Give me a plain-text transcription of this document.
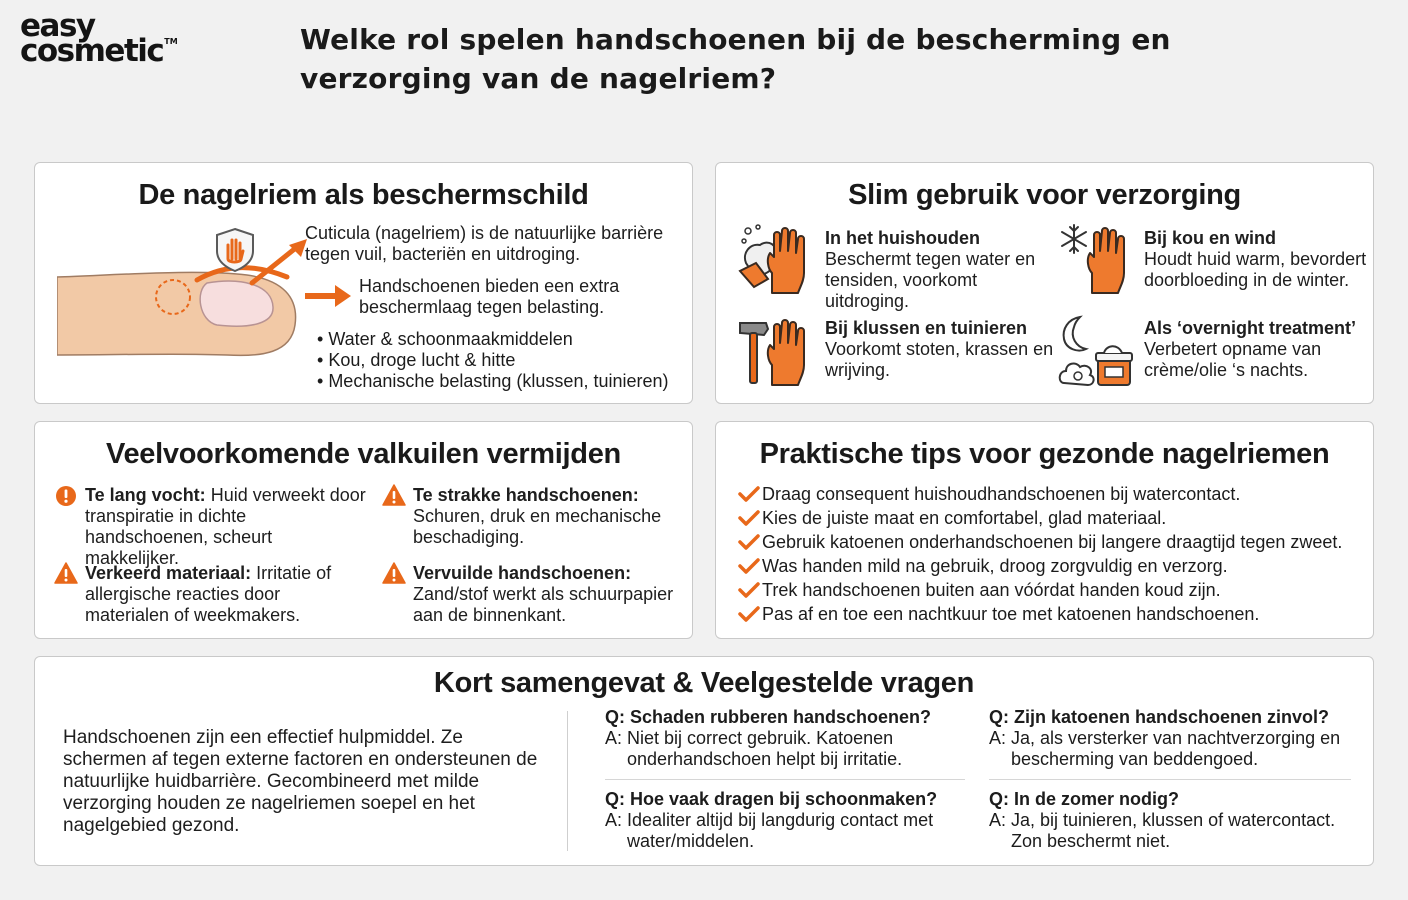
easy
cosmetic™	Welke rol spelen handschoenen bij de bescherming en verzorging van de nagelriem?
De nagelriem als beschermschild
Cuticula (nagelriem) is de natuurlijke barrière tegen vuil, bacteriën en uitdroging.
Handschoenen bieden een extra beschermlaag tegen belasting.
• Water & schoonmaakmiddelen
• Kou, droge lucht & hitte
• Mechanische belasting (klussen, tuinieren)
Slim gebruik voor verzorging
In het huishouden
Beschermt tegen water en tensiden, voorkomt uitdroging.
Bij kou en wind
Houdt huid warm, bevordert doorbloeding in de winter.
Bij klussen en tuinieren
Voorkomt stoten, krassen en wrijving.
Als ‘overnight treatment’
Verbetert opname van crème/olie ‘s nachts.
Veelvoorkomende valkuilen vermijden
Te lang vocht: Huid verweekt door transpiratie in dichte handschoenen, scheurt makkelijker.
Te strakke handschoenen: Schuren, druk en mechanische beschadiging.
Verkeerd materiaal: Irritatie of allergische reacties door materialen of weekmakers.
Vervuilde handschoenen: Zand/stof werkt als schuurpapier aan de binnenkant.
Praktische tips voor gezonde nagelriemen
Draag consequent huishoudhandschoenen bij watercontact.
Kies de juiste maat en comfortabel, glad materiaal.
Gebruik katoenen onderhandschoenen bij langere draagtijd tegen zweet.
Was handen mild na gebruik, droog zorgvuldig en verzorg.
Trek handschoenen buiten aan vóórdat handen koud zijn.
Pas af en toe een nachtkuur toe met katoenen handschoenen.
Kort samengevat & Veelgestelde vragen
Handschoenen zijn een effectief hulpmiddel. Ze schermen af tegen externe factoren en ondersteunen de natuurlijke huidbarrière. Gecombineerd met milde verzorging houden ze nagelriemen soepel en het nagelgebied gezond.
Q: Schaden rubberen handschoenen?
A: Niet bij correct gebruik. Katoenen onderhandschoen helpt bij irritatie.
Q: Zijn katoenen handschoenen zinvol?
A: Ja, als versterker van nachtverzorging en bescherming van beddengoed.
Q: Hoe vaak dragen bij schoonmaken?
A: Idealiter altijd bij langdurig contact met water/middelen.
Q: In de zomer nodig?
A: Ja, bij tuinieren, klussen of watercontact. Zon beschermt niet.
